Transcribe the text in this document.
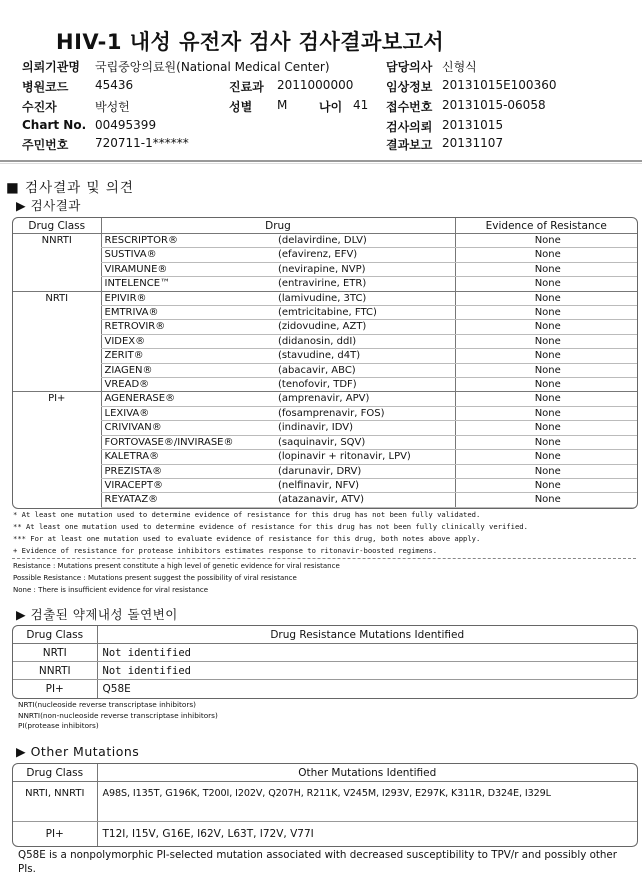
HIV-1 내성 유전자 검사 검사결과보고서
의뢰기관명 국립중앙의료원(National Medical Center)	담당의사 신형식
병원코드 45436	진료과 2011000000	임상정보 20131015E100360
수진자	박성헌	성별 M	나이 41 접수번호 20131015-06058
Chart No. 00495399	검사의뢰 20131015
주민번호 720711-1******	결과보고 20131107
■ 검사결과 및 의견
▶ 검사결과
Drug Class	Drug		Evidence of Resistance
NNRTI	RESCRIPTOR®	(delavirdine, DLV)	None
	SUSTIVA®	(efavirenz, EFV)	None
	VIRAMUNE®	(nevirapine, NVP)	None
	INTELENCE™	(entravirine, ETR)	None
NRTI	EPIVIR®	(lamivudine, 3TC)	None
	EMTRIVA®	(emtricitabine, FTC)	None
	RETROVIR®	(zidovudine, AZT)	None
	VIDEX®	(didanosin, ddI)	None
	ZERIT®	(stavudine, d4T)	None
	ZIAGEN®	(abacavir, ABC)	None
	VREAD®	(tenofovir, TDF)	None
PI+	AGENERASE®	(amprenavir, APV)	None
	LEXIVA®	(fosamprenavir, FOS)	None
	CRIVIVAN®	(indinavir, IDV)	None
	FORTOVASE®/INVIRASE®	(saquinavir, SQV)	None
	KALETRA®	(lopinavir + ritonavir, LPV)	None
	PREZISTA®	(darunavir, DRV)	None
	VIRACEPT®	(nelfinavir, NFV)	None
	REYATAZ®	(atazanavir, ATV)	None

* At least one mutation used to determine evidence of resistance for this drug has not been fully validated.
** At least one mutation used to determine evidence of resistance for this drug has not been fully clinically verified.
*** For at least one mutation used to evaluate evidence of resistance for this drug, both notes above apply.
+ Evidence of resistance for protease inhibitors estimates response to ritonavir-boosted regimens.
Resistance : Mutations present constitute a high level of genetic evidence for viral resistance
Possible Resistance : Mutations present suggest the possibility of viral resistance
None : There is insufficient evidence for viral resistance
▶ 검출된 약제내성 돌연변이
Drug Class	Drug Resistance Mutations Identified
NRTI	Not identified
NNRTI	Not identified
PI+	Q58E
NRTI(nucleoside reverse transcriptase inhibitors)
NNRTI(non-nucleoside reverse transcriptase inhibitors)
PI(protease inhibitors)
▶ Other Mutations
Drug Class	Other Mutations Identified
NRTI, NNRTI	A98S, I135T, G196K, T200I, I202V, Q207H, R211K, V245M, I293V, E297K, K311R, D324E, I329L
PI+	T12I, I15V, G16E, I62V, L63T, I72V, V77I
Q58E is a nonpolymorphic PI-selected mutation associated with decreased susceptibility to TPV/r and possibly other PIs.
